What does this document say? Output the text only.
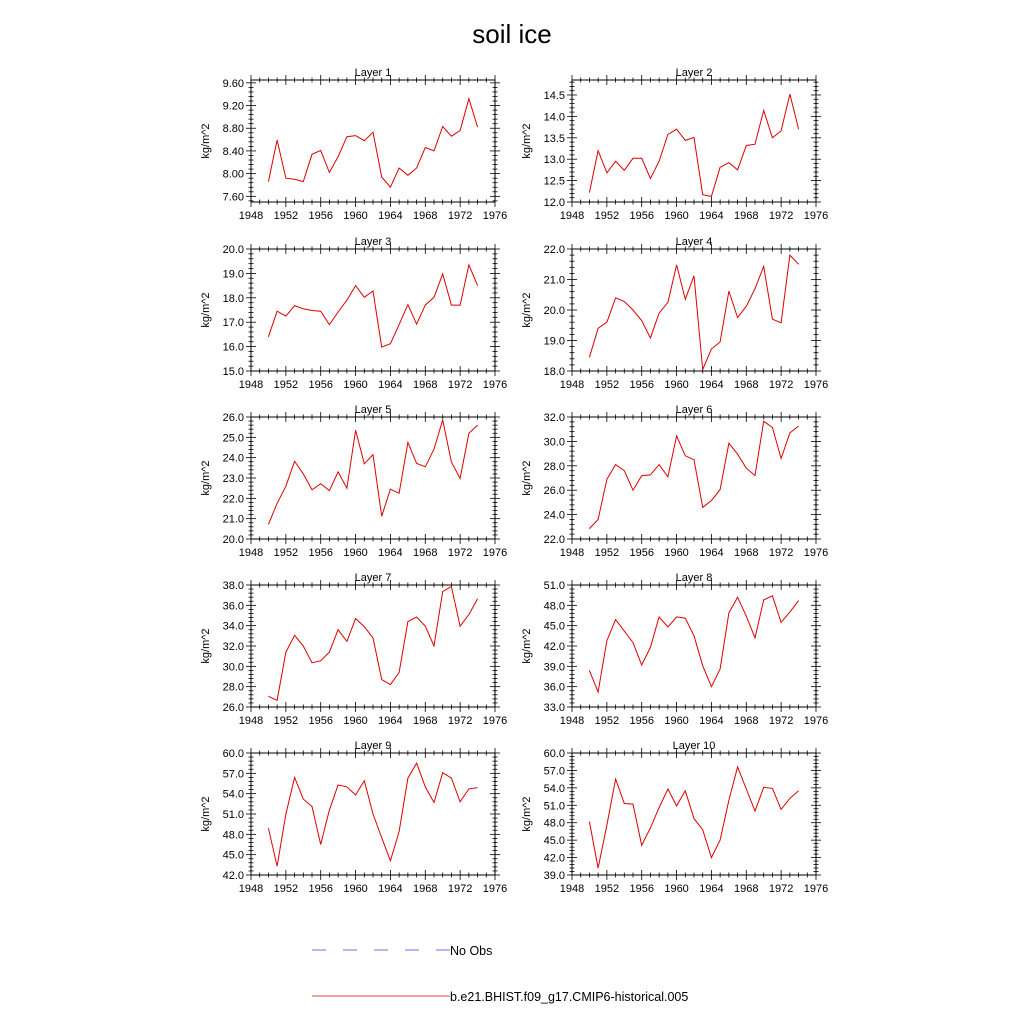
soil ice
Layer 1
kg/m^2
1948 1952 1956 1960 1964 1968 1972 1976
7.60
8.00
8.40
8.80
9.20
9.60
Layer 2
kg/m^2
1948 1952 1956 1960 1964 1968 1972 1976
12.0
12.5
13.0
13.5
14.0
14.5
Layer 3
kg/m^2
1948 1952 1956 1960 1964 1968 1972 1976
15.0
16.0
17.0
18.0
19.0
20.0
Layer 4
kg/m^2
1948 1952 1956 1960 1964 1968 1972 1976
18.0
19.0
20.0
21.0
22.0
Layer 5
kg/m^2
1948 1952 1956 1960 1964 1968 1972 1976
20.0
21.0
22.0
23.0
24.0
25.0
26.0
Layer 6
kg/m^2
1948 1952 1956 1960 1964 1968 1972 1976
22.0
24.0
26.0
28.0
30.0
32.0
Layer 7
kg/m^2
1948 1952 1956 1960 1964 1968 1972 1976
26.0
28.0
30.0
32.0
34.0
36.0
38.0
Layer 8
kg/m^2
1948 1952 1956 1960 1964 1968 1972 1976
33.0
36.0
39.0
42.0
45.0
48.0
51.0
Layer 9
kg/m^2
1948 1952 1956 1960 1964 1968 1972 1976
42.0
45.0
48.0
51.0
54.0
57.0
60.0
Layer 10
kg/m^2
1948 1952 1956 1960 1964 1968 1972 1976
39.0
42.0
45.0
48.0
51.0
54.0
57.0
60.0
No Obs
b.e21.BHIST.f09_g17.CMIP6-historical.005
